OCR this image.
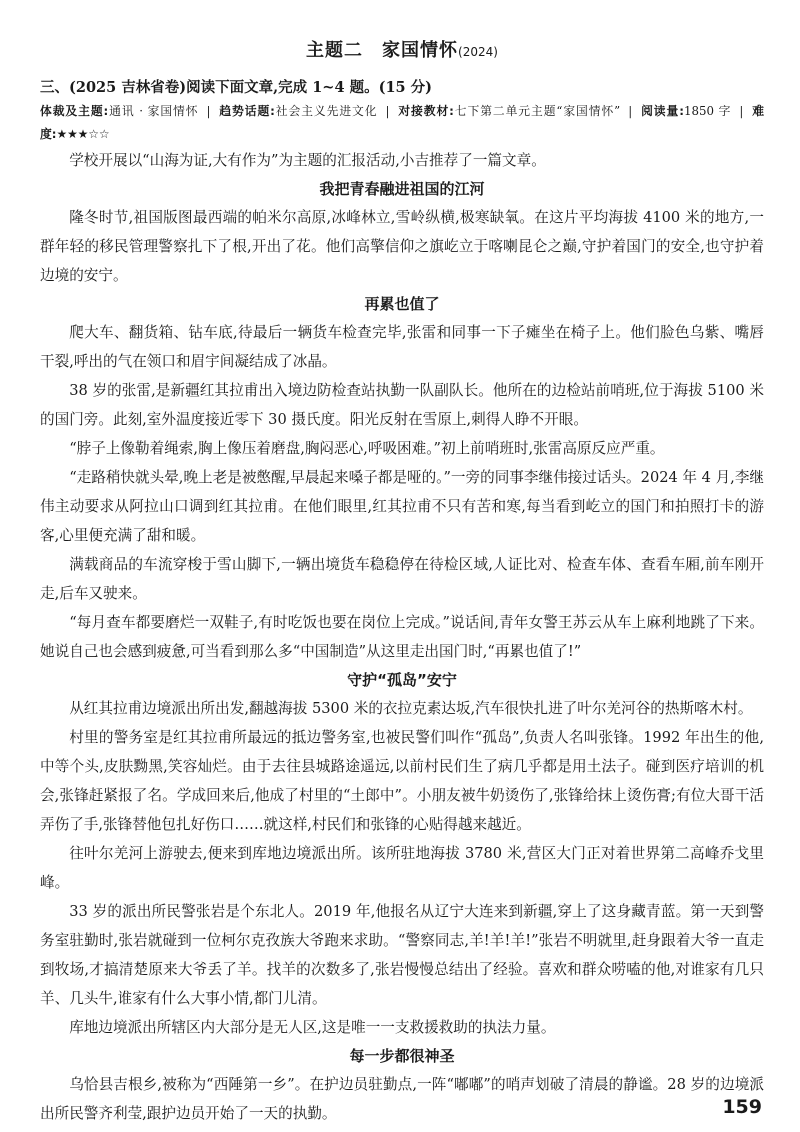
主题二　家国情怀(2024)
三、(2025 吉林省卷)阅读下面文章,完成 1~4 题。(15 分)
体裁及主题:通讯 · 家国情怀 | 趋势话题:社会主义先进文化 | 对接教材:七下第二单元主题“家国情怀” | 阅读量:1850 字 | 难度:★★★☆☆

学校开展以“山海为证,大有作为”为主题的汇报活动,小吉推荐了一篇文章。

我把青春融进祖国的江河

隆冬时节,祖国版图最西端的帕米尔高原,冰峰林立,雪岭纵横,极寒缺氧。在这片平均海拔 4100 米的地方,一群年轻的移民管理警察扎下了根,开出了花。他们高擎信仰之旗屹立于喀喇昆仑之巅,守护着国门的安全,也守护着边境的安宁。

再累也值了

爬大车、翻货箱、钻车底,待最后一辆货车检查完毕,张雷和同事一下子瘫坐在椅子上。他们脸色乌紫、嘴唇干裂,呼出的气在领口和眉宇间凝结成了冰晶。

38 岁的张雷,是新疆红其拉甫出入境边防检查站执勤一队副队长。他所在的边检站前哨班,位于海拔 5100 米的国门旁。此刻,室外温度接近零下 30 摄氏度。阳光反射在雪原上,刺得人睁不开眼。

“脖子上像勒着绳索,胸上像压着磨盘,胸闷恶心,呼吸困难。”初上前哨班时,张雷高原反应严重。

“走路稍快就头晕,晚上老是被憋醒,早晨起来嗓子都是哑的。”一旁的同事李继伟接过话头。2024 年 4 月,李继伟主动要求从阿拉山口调到红其拉甫。在他们眼里,红其拉甫不只有苦和寒,每当看到屹立的国门和拍照打卡的游客,心里便充满了甜和暖。

满载商品的车流穿梭于雪山脚下,一辆出境货车稳稳停在待检区域,人证比对、检查车体、查看车厢,前车刚开走,后车又驶来。

“每月查车都要磨烂一双鞋子,有时吃饭也要在岗位上完成。”说话间,青年女警王苏云从车上麻利地跳了下来。她说自己也会感到疲惫,可当看到那么多“中国制造”从这里走出国门时,“再累也值了!”

守护“孤岛”安宁

从红其拉甫边境派出所出发,翻越海拔 5300 米的衣拉克素达坂,汽车很快扎进了叶尔羌河谷的热斯喀木村。

村里的警务室是红其拉甫所最远的抵边警务室,也被民警们叫作“孤岛”,负责人名叫张锋。1992 年出生的他,中等个头,皮肤黝黑,笑容灿烂。由于去往县城路途遥远,以前村民们生了病几乎都是用土法子。碰到医疗培训的机会,张锋赶紧报了名。学成回来后,他成了村里的“土郎中”。小朋友被牛奶烫伤了,张锋给抹上烫伤膏;有位大哥干活弄伤了手,张锋替他包扎好伤口……就这样,村民们和张锋的心贴得越来越近。

往叶尔羌河上游驶去,便来到库地边境派出所。该所驻地海拔 3780 米,营区大门正对着世界第二高峰乔戈里峰。

33 岁的派出所民警张岩是个东北人。2019 年,他报名从辽宁大连来到新疆,穿上了这身藏青蓝。第一天到警务室驻勤时,张岩就碰到一位柯尔克孜族大爷跑来求助。“警察同志,羊!羊!羊!”张岩不明就里,赶身跟着大爷一直走到牧场,才搞清楚原来大爷丢了羊。找羊的次数多了,张岩慢慢总结出了经验。喜欢和群众唠嗑的他,对谁家有几只羊、几头牛,谁家有什么大事小情,都门儿清。

库地边境派出所辖区内大部分是无人区,这是唯一一支救援救助的执法力量。

每一步都很神圣

乌恰县吉根乡,被称为“西陲第一乡”。在护边员驻勤点,一阵“嘟嘟”的哨声划破了清晨的静谧。28 岁的边境派出所民警齐利莹,跟护边员开始了一天的执勤。	159
